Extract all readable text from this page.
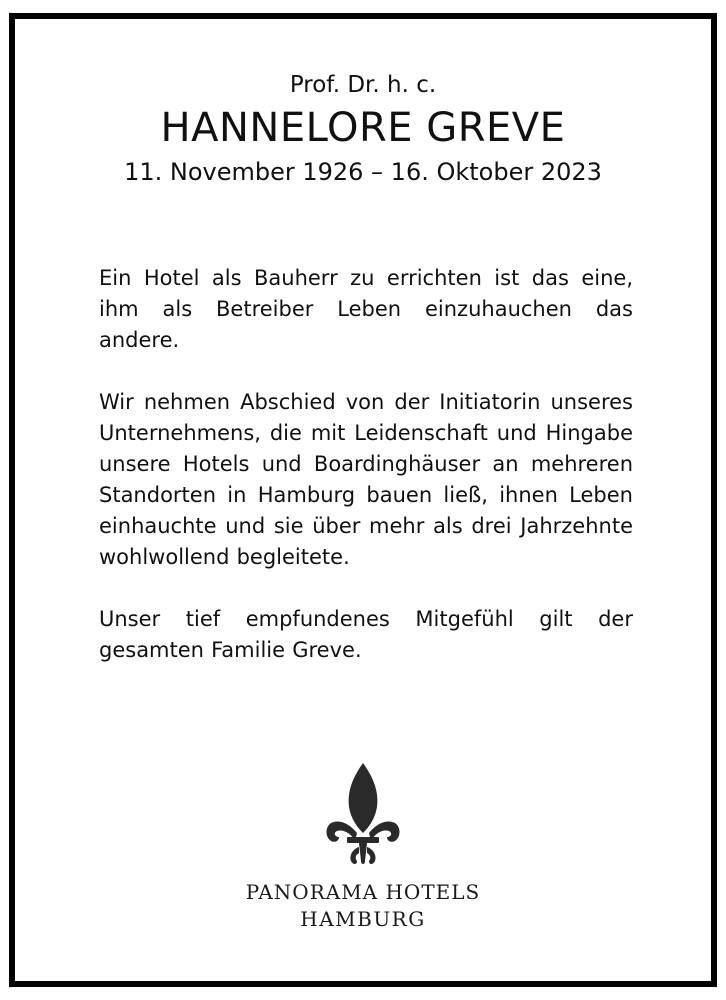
Prof. Dr. h. c.
HANNELORE GREVE
11. November 1926 – 16. Oktober 2023

Ein Hotel als Bauherr zu errichten ist das eine, ihm als Betreiber Leben einzuhauchen das andere.

Wir nehmen Abschied von der Initiatorin unseres Unternehmens, die mit Leidenschaft und Hingabe unsere Hotels und Boardinghäuser an mehreren Standorten in Hamburg bauen ließ, ihnen Leben einhauchte und sie über mehr als drei Jahrzehnte wohlwollend begleitete.

Unser tief empfundenes Mitgefühl gilt der gesamten Familie Greve.

PANORAMA HOTELS
HAMBURG
